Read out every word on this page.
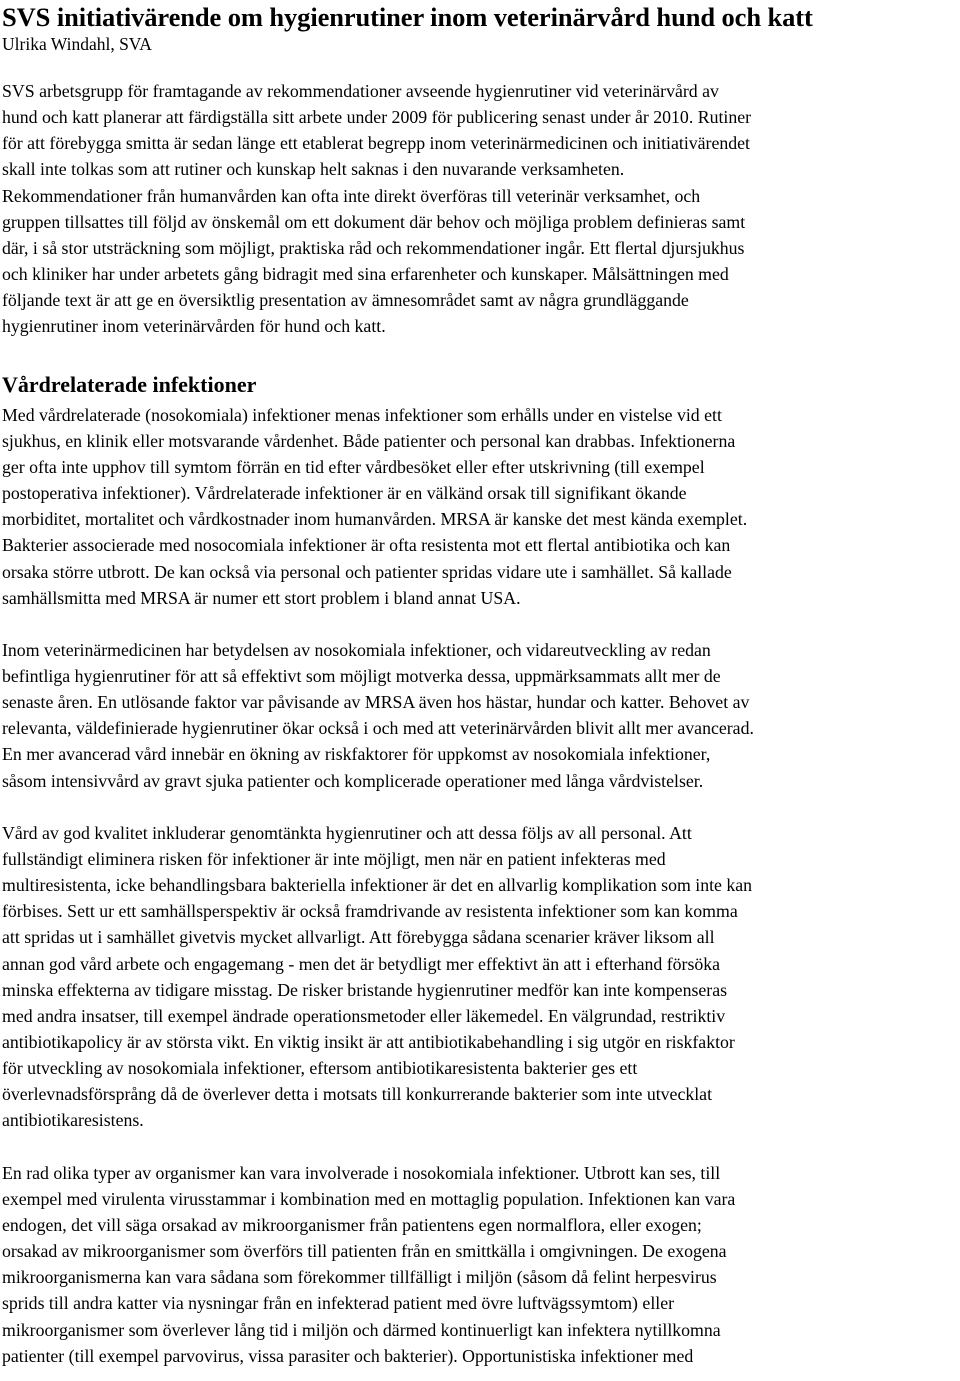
SVS initiativärende om hygienrutiner inom veterinärvård hund och katt
Ulrika Windahl, SVA

SVS arbetsgrupp för framtagande av rekommendationer avseende hygienrutiner vid veterinärvård av
hund och katt planerar att färdigställa sitt arbete under 2009 för publicering senast under år 2010. Rutiner
för att förebygga smitta är sedan länge ett etablerat begrepp inom veterinärmedicinen och initiativärendet
skall inte tolkas som att rutiner och kunskap helt saknas i den nuvarande verksamheten.
Rekommendationer från humanvården kan ofta inte direkt överföras till veterinär verksamhet, och
gruppen tillsattes till följd av önskemål om ett dokument där behov och möjliga problem definieras samt
där, i så stor utsträckning som möjligt, praktiska råd och rekommendationer ingår. Ett flertal djursjukhus
och kliniker har under arbetets gång bidragit med sina erfarenheter och kunskaper. Målsättningen med
följande text är att ge en översiktlig presentation av ämnesområdet samt av några grundläggande
hygienrutiner inom veterinärvården för hund och katt.

Vårdrelaterade infektioner

Med vårdrelaterade (nosokomiala) infektioner menas infektioner som erhålls under en vistelse vid ett
sjukhus, en klinik eller motsvarande vårdenhet. Både patienter och personal kan drabbas. Infektionerna
ger ofta inte upphov till symtom förrän en tid efter vårdbesöket eller efter utskrivning (till exempel
postoperativa infektioner). Vårdrelaterade infektioner är en välkänd orsak till signifikant ökande
morbiditet, mortalitet och vårdkostnader inom humanvården. MRSA är kanske det mest kända exemplet.
Bakterier associerade med nosocomiala infektioner är ofta resistenta mot ett flertal antibiotika och kan
orsaka större utbrott. De kan också via personal och patienter spridas vidare ute i samhället. Så kallade
samhällsmitta med MRSA är numer ett stort problem i bland annat USA.

Inom veterinärmedicinen har betydelsen av nosokomiala infektioner, och vidareutveckling av redan
befintliga hygienrutiner för att så effektivt som möjligt motverka dessa, uppmärksammats allt mer de
senaste åren. En utlösande faktor var påvisande av MRSA även hos hästar, hundar och katter. Behovet av
relevanta, väldefinierade hygienrutiner ökar också i och med att veterinärvården blivit allt mer avancerad.
En mer avancerad vård innebär en ökning av riskfaktorer för uppkomst av nosokomiala infektioner,
såsom intensivvård av gravt sjuka patienter och komplicerade operationer med långa vårdvistelser.

Vård av god kvalitet inkluderar genomtänkta hygienrutiner och att dessa följs av all personal. Att
fullständigt eliminera risken för infektioner är inte möjligt, men när en patient infekteras med
multiresistenta, icke behandlingsbara bakteriella infektioner är det en allvarlig komplikation som inte kan
förbises. Sett ur ett samhällsperspektiv är också framdrivande av resistenta infektioner som kan komma
att spridas ut i samhället givetvis mycket allvarligt. Att förebygga sådana scenarier kräver liksom all
annan god vård arbete och engagemang - men det är betydligt mer effektivt än att i efterhand försöka
minska effekterna av tidigare misstag. De risker bristande hygienrutiner medför kan inte kompenseras
med andra insatser, till exempel ändrade operationsmetoder eller läkemedel. En välgrundad, restriktiv
antibiotikapolicy är av största vikt. En viktig insikt är att antibiotikabehandling i sig utgör en riskfaktor
för utveckling av nosokomiala infektioner, eftersom antibiotikaresistenta bakterier ges ett
överlevnadsförsprång då de överlever detta i motsats till konkurrerande bakterier som inte utvecklat
antibiotikaresistens.

En rad olika typer av organismer kan vara involverade i nosokomiala infektioner. Utbrott kan ses, till
exempel med virulenta virusstammar i kombination med en mottaglig population. Infektionen kan vara
endogen, det vill säga orsakad av mikroorganismer från patientens egen normalflora, eller exogen;
orsakad av mikroorganismer som överförs till patienten från en smittkälla i omgivningen. De exogena
mikroorganismerna kan vara sådana som förekommer tillfälligt i miljön (såsom då felint herpesvirus
sprids till andra katter via nysningar från en infekterad patient med övre luftvägssymtom) eller
mikroorganismer som överlever lång tid i miljön och därmed kontinuerligt kan infektera nytillkomna
patienter (till exempel parvovirus, vissa parasiter och bakterier). Opportunistiska infektioner med
